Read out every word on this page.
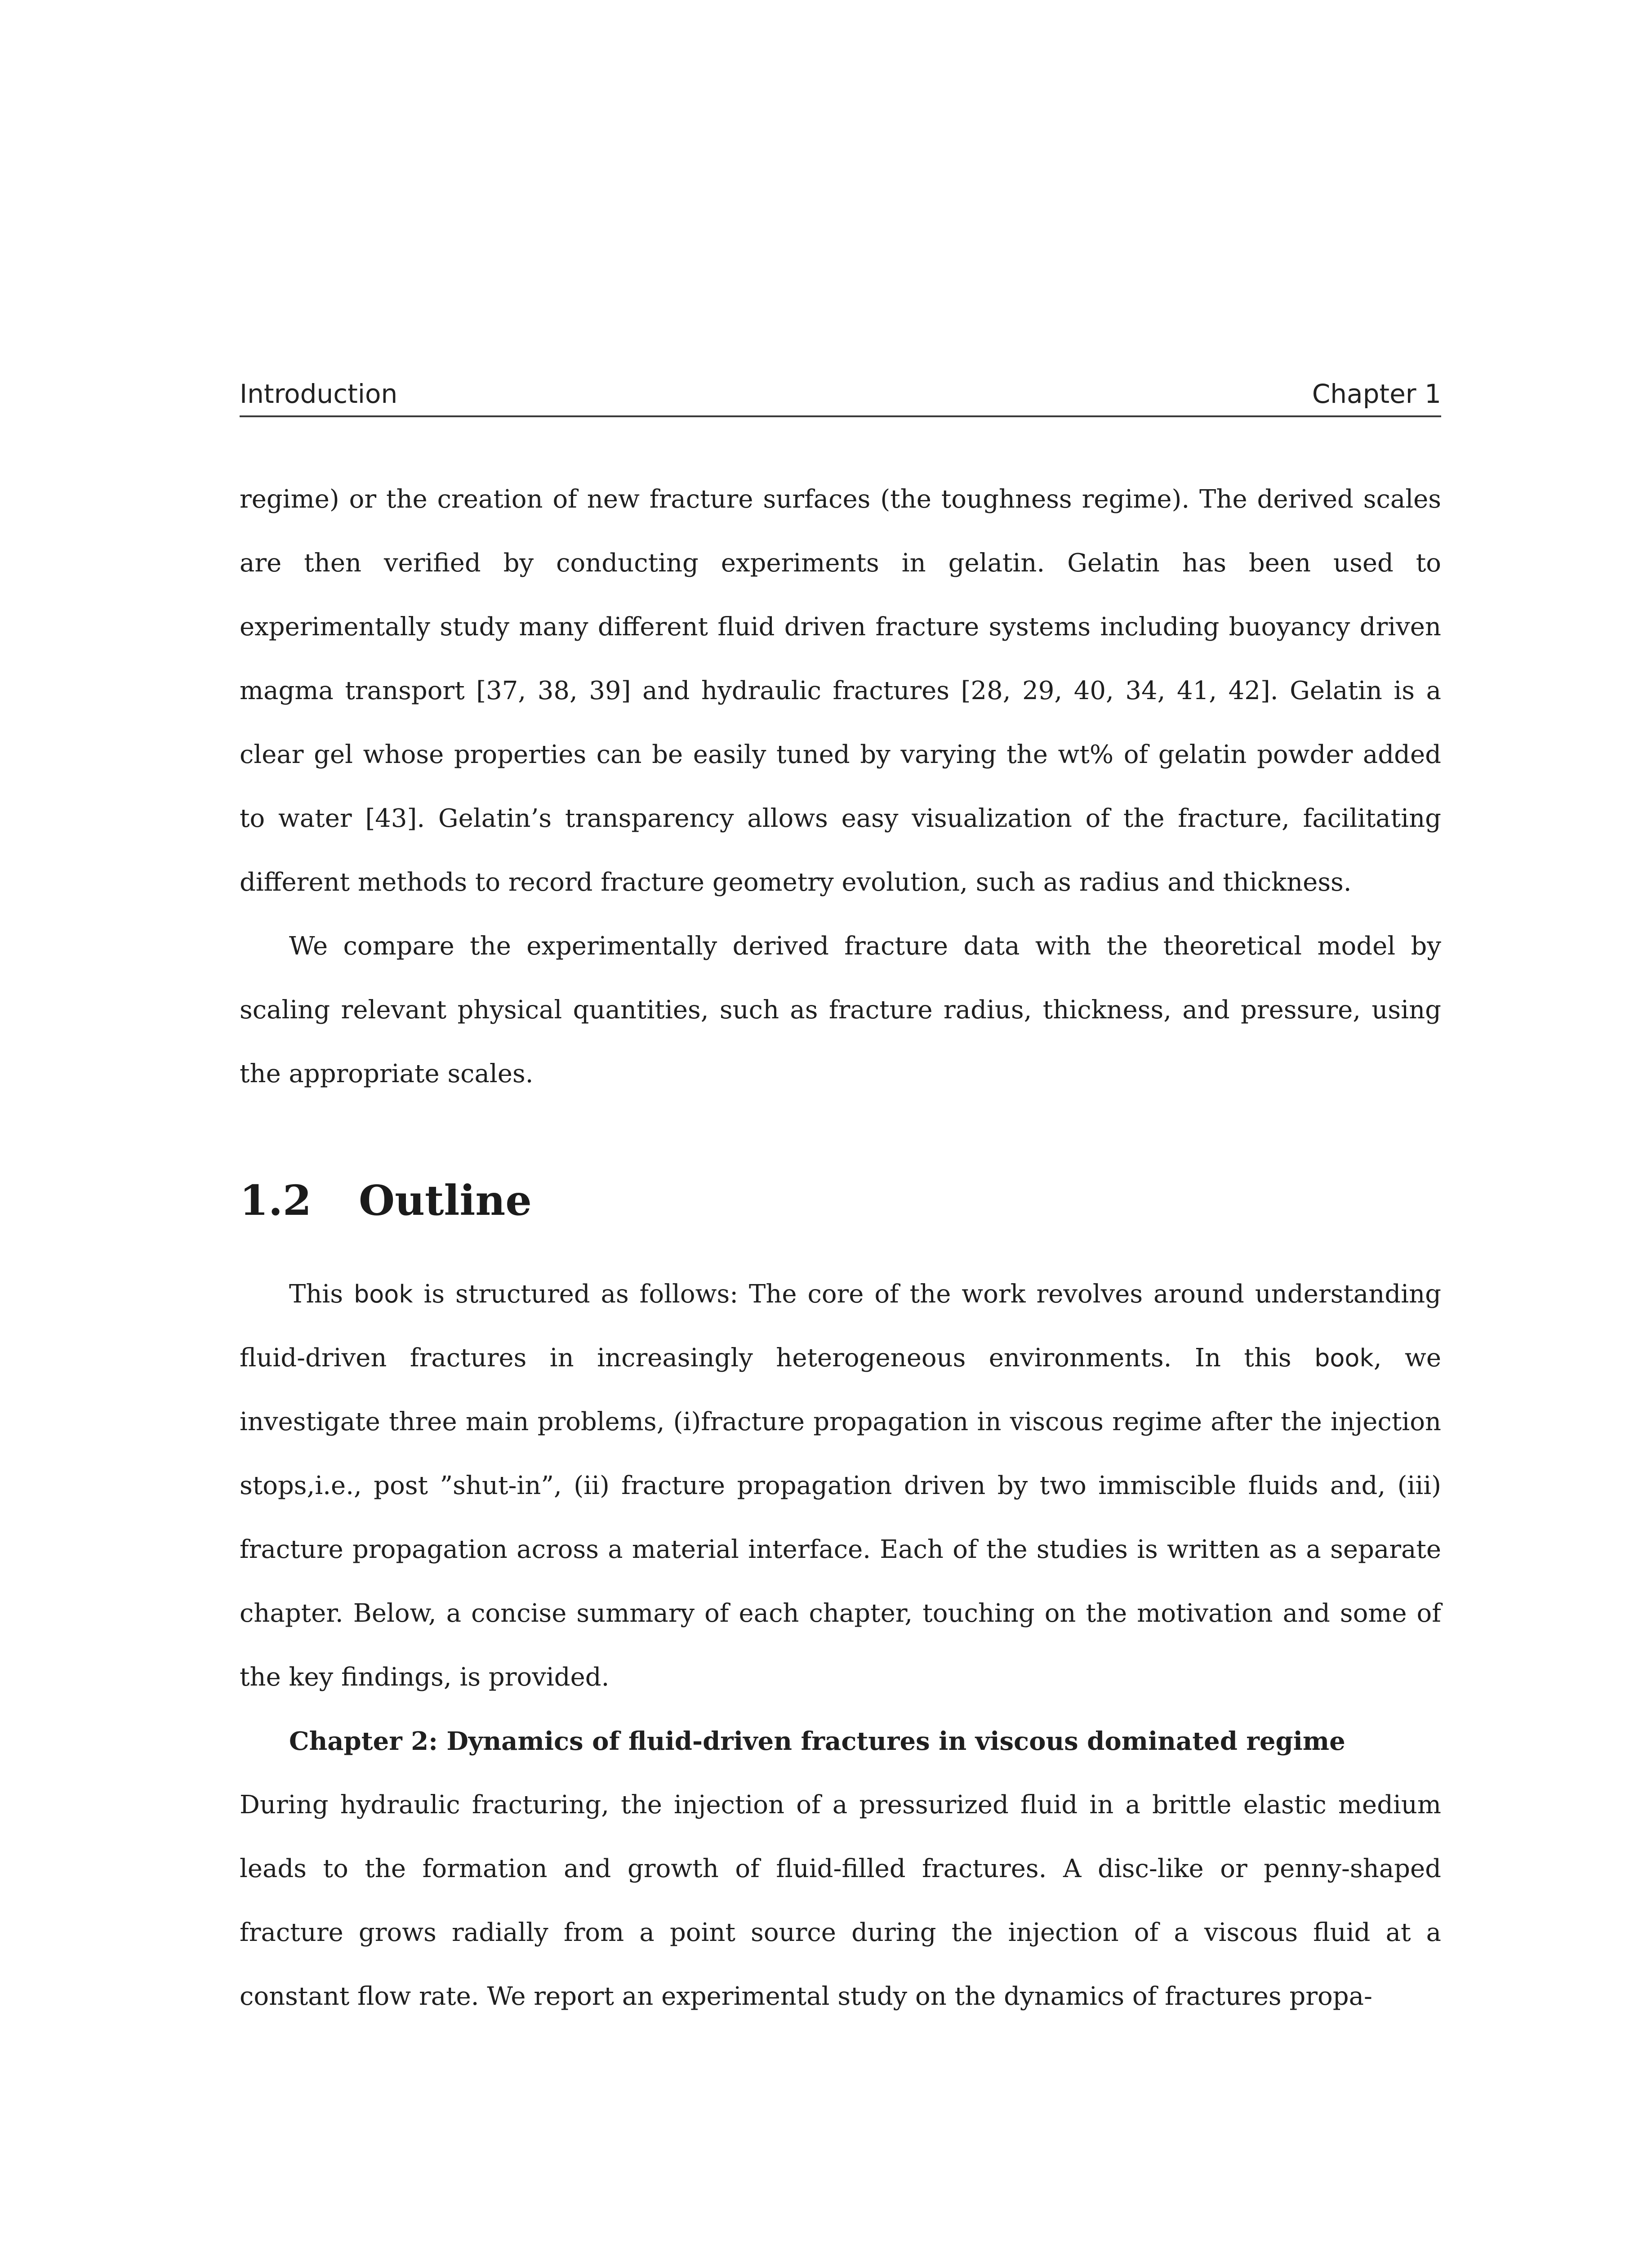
Introduction	Chapter 1

regime) or the creation of new fracture surfaces (the toughness regime). The derived scales are then verified by conducting experiments in gelatin. Gelatin has been used to experimentally study many different fluid driven fracture systems including buoyancy driven magma transport [37, 38, 39] and hydraulic fractures [28, 29, 40, 34, 41, 42]. Gelatin is a clear gel whose properties can be easily tuned by varying the wt% of gelatin powder added to water [43]. Gelatin’s transparency allows easy visualization of the fracture, facilitating different methods to record fracture geometry evolution, such as radius and thickness.

We compare the experimentally derived fracture data with the theoretical model by scaling relevant physical quantities, such as fracture radius, thickness, and pressure, using the appropriate scales.

1.2 Outline

This book is structured as follows: The core of the work revolves around understanding fluid-driven fractures in increasingly heterogeneous environments. In this book, we investigate three main problems, (i)fracture propagation in viscous regime after the injection stops,i.e., post ”shut-in”, (ii) fracture propagation driven by two immiscible fluids and, (iii) fracture propagation across a material interface. Each of the studies is written as a separate chapter. Below, a concise summary of each chapter, touching on the motivation and some of the key findings, is provided.

Chapter 2: Dynamics of fluid-driven fractures in viscous dominated regime

During hydraulic fracturing, the injection of a pressurized fluid in a brittle elastic medium leads to the formation and growth of fluid-filled fractures. A disc-like or penny-shaped fracture grows radially from a point source during the injection of a viscous fluid at a constant flow rate. We report an experimental study on the dynamics of fractures propa-
